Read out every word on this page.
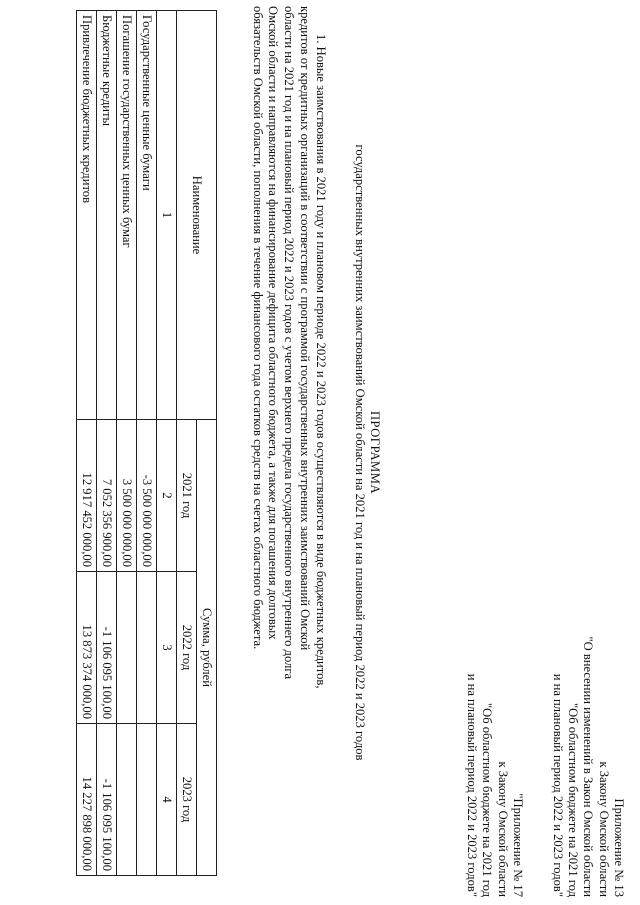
Приложение № 13
к Закону Омской области
"О внесении изменений в Закон Омской области
"Об областном бюджете на 2021 год
и на плановый период 2022 и 2023 годов"
"Приложение № 17
к Закону Омской области
"Об областном бюджете на 2021 год
и на плановый период 2022 и 2023 годов"
ПРОГРАММА
государственных внутренних заимствований Омской области на 2021 год и на плановый период 2022 и 2023 годов
1. Новые заимствования в 2021 году и плановом периоде 2022 и 2023 годов осуществляются в виде бюджетных кредитов,
кредитов от кредитных организаций в соответствии с программой государственных внутренних заимствований Омской
области на 2021 год и на плановый период 2022 и 2023 годов с учетом верхнего предела государственного внутреннего долга
Омской области и направляются на финансирование дефицита областного бюджета, а также для погашения долговых
обязательств Омской области, пополнения в течение финансового года остатков средств на счетах областного бюджета.
Наименование	Сумма, рублей		
	2021 год	2022 год	2023 год
1	2	3	4
Государственные ценные бумаги	-3 500 000 000,00		
Погашение государственных ценных бумаг	3 500 000 000,00		
Бюджетные кредиты	7 052 356 900,00	-1 106 095 100,00	-1 106 095 100,00
Привлечение бюджетных кредитов	12 917 452 000,00	13 873 374 000,00	14 227 898 000,00
